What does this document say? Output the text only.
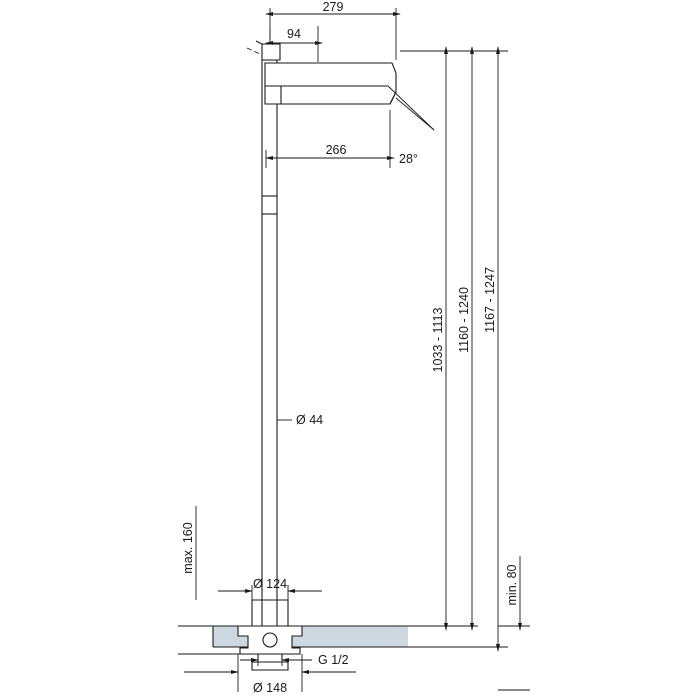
279
94
266
28°
Ø 44
1033 - 1113 1160 - 1240 1167 - 1247
min. 80
max. 160
Ø 124
G 1/2
Ø 148
